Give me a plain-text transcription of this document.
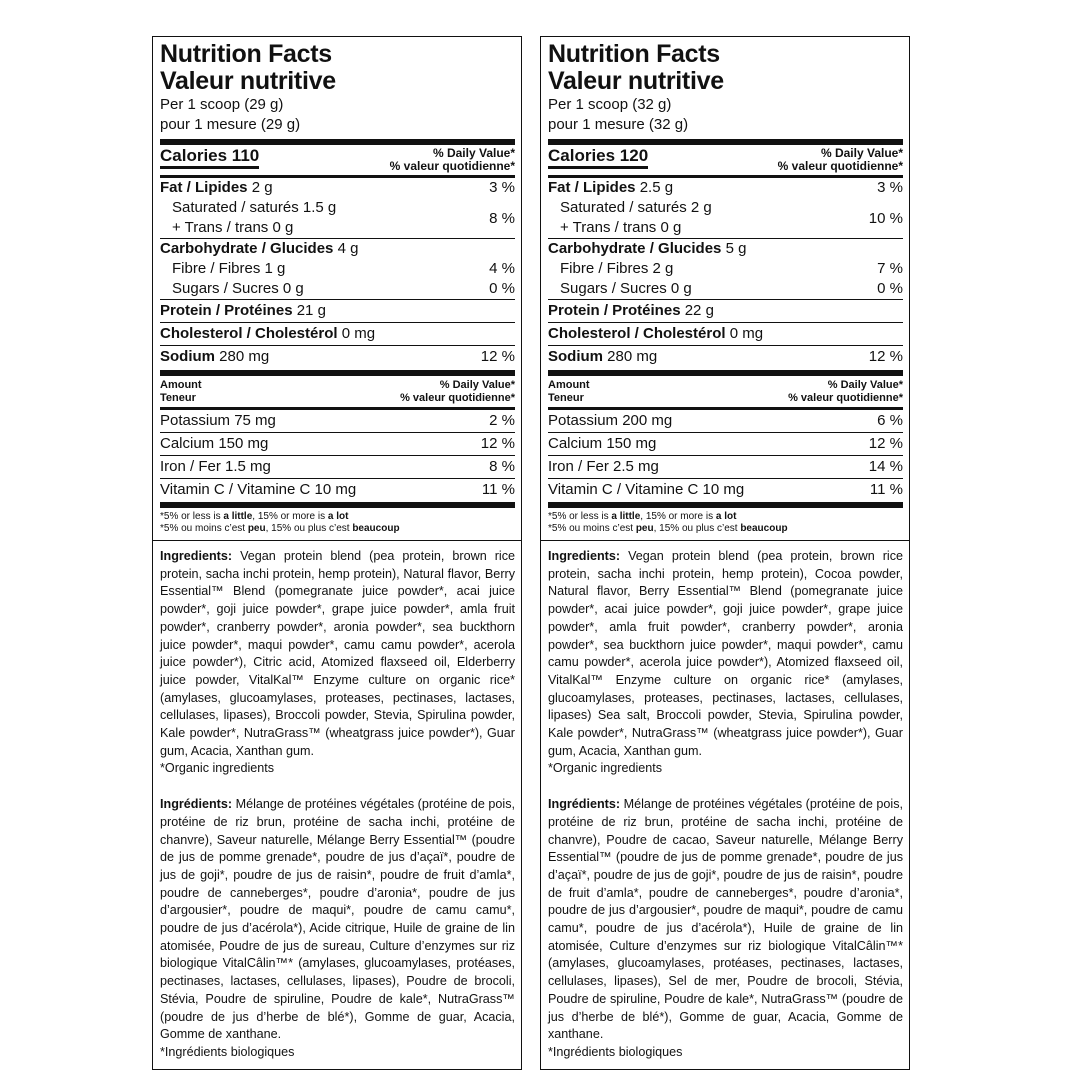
Nutrition Facts
Valeur nutritive
Per 1 scoop (29 g)
pour 1 mesure (29 g)
Calories 110	% Daily Value*
% valeur quotidienne*
Fat / Lipides 2 g	3 %
Saturated / saturés 1.5 g
+ Trans / trans 0 g
8 %
Carbohydrate / Glucides 4 g
Fibre / Fibres 1 g	4 %
Sugars / Sucres 0 g	0 %
Protein / Protéines 21 g
Cholesterol / Cholestérol 0 mg
Sodium 280 mg	12 %
Amount
Teneur
% Daily Value*
% valeur quotidienne*
Potassium 75 mg	2 %
Calcium 150 mg	12 %
Iron / Fer 1.5 mg	8 %
Vitamin C / Vitamine C 10 mg	11 %
*5% or less is a little, 15% or more is a lot
*5% ou moins c’est peu, 15% ou plus c’est beaucoup

Ingredients: Vegan protein blend (pea protein, brown rice protein, sacha inchi protein, hemp protein), Natural flavor, Berry Essential™ Blend (pomegranate juice powder*, acai juice powder*, goji juice powder*, grape juice powder*, amla fruit powder*, cranberry powder*, aronia powder*, sea buckthorn juice powder*, maqui powder*, camu camu powder*, acerola juice powder*), Citric acid, Atomized flaxseed oil, Elderberry juice powder, VitalKal™ Enzyme culture on organic rice* (amylases, glucoamylases, proteases, pectinases, lactases, cellulases, lipases), Broccoli powder, Stevia, Spirulina powder, Kale powder*, NutraGrass™ (wheatgrass juice powder*), Guar gum, Acacia, Xanthan gum.

*Organic ingredients

Ingrédients: Mélange de protéines végétales (protéine de pois, protéine de riz brun, protéine de sacha inchi, protéine de chanvre), Saveur naturelle, Mélange Berry Essential™ (poudre de jus de pomme grenade*, poudre de jus d’açaï*, poudre de jus de goji*, poudre de jus de raisin*, poudre de fruit d’amla*, poudre de canneberges*, poudre d’aronia*, poudre de jus d’argousier*, poudre de maqui*, poudre de camu camu*, poudre de jus d’acérola*), Acide citrique, Huile de graine de lin atomisée, Poudre de jus de sureau, Culture d’enzymes sur riz biologique VitalCâlin™* (amylases, glucoamylases, protéases, pectinases, lactases, cellulases, lipases), Poudre de brocoli, Stévia, Poudre de spiruline, Poudre de kale*, NutraGrass™ (poudre de jus d’herbe de blé*), Gomme de guar, Acacia, Gomme de xanthane.

*Ingrédients biologiques

Nutrition Facts
Valeur nutritive
Per 1 scoop (32 g)
pour 1 mesure (32 g)
Calories 120	% Daily Value*
% valeur quotidienne*
Fat / Lipides 2.5 g	3 %
Saturated / saturés 2 g
+ Trans / trans 0 g
10 %
Carbohydrate / Glucides 5 g
Fibre / Fibres 2 g	7 %
Sugars / Sucres 0 g	0 %
Protein / Protéines 22 g
Cholesterol / Cholestérol 0 mg
Sodium 280 mg	12 %
Amount
Teneur
% Daily Value*
% valeur quotidienne*
Potassium 200 mg	6 %
Calcium 150 mg	12 %
Iron / Fer 2.5 mg	14 %
Vitamin C / Vitamine C 10 mg	11 %
*5% or less is a little, 15% or more is a lot
*5% ou moins c’est peu, 15% ou plus c’est beaucoup

Ingredients: Vegan protein blend (pea protein, brown rice protein, sacha inchi protein, hemp protein), Cocoa powder, Natural flavor, Berry Essential™ Blend (pomegranate juice powder*, acai juice powder*, goji juice powder*, grape juice powder*, amla fruit powder*, cranberry powder*, aronia powder*, sea buckthorn juice powder*, maqui powder*, camu camu powder*, acerola juice powder*), Atomized flaxseed oil, VitalKal™ Enzyme culture on organic rice* (amylases, glucoamylases, proteases, pectinases, lactases, cellulases, lipases) Sea salt, Broccoli powder, Stevia, Spirulina powder, Kale powder*, NutraGrass™ (wheatgrass juice powder*), Guar gum, Acacia, Xanthan gum.

*Organic ingredients

Ingrédients: Mélange de protéines végétales (protéine de pois, protéine de riz brun, protéine de sacha inchi, protéine de chanvre), Poudre de cacao, Saveur naturelle, Mélange Berry Essential™ (poudre de jus de pomme grenade*, poudre de jus d’açaï*, poudre de jus de goji*, poudre de jus de raisin*, poudre de fruit d’amla*, poudre de canneberges*, poudre d’aronia*, poudre de jus d’argousier*, poudre de maqui*, poudre de camu camu*, poudre de jus d’acérola*), Huile de graine de lin atomisée, Culture d’enzymes sur riz biologique VitalCâlin™* (amylases, glucoamylases, protéases, pectinases, lactases, cellulases, lipases), Sel de mer, Poudre de brocoli, Stévia, Poudre de spiruline, Poudre de kale*, NutraGrass™ (poudre de jus d’herbe de blé*), Gomme de guar, Acacia, Gomme de xanthane.

*Ingrédients biologiques
